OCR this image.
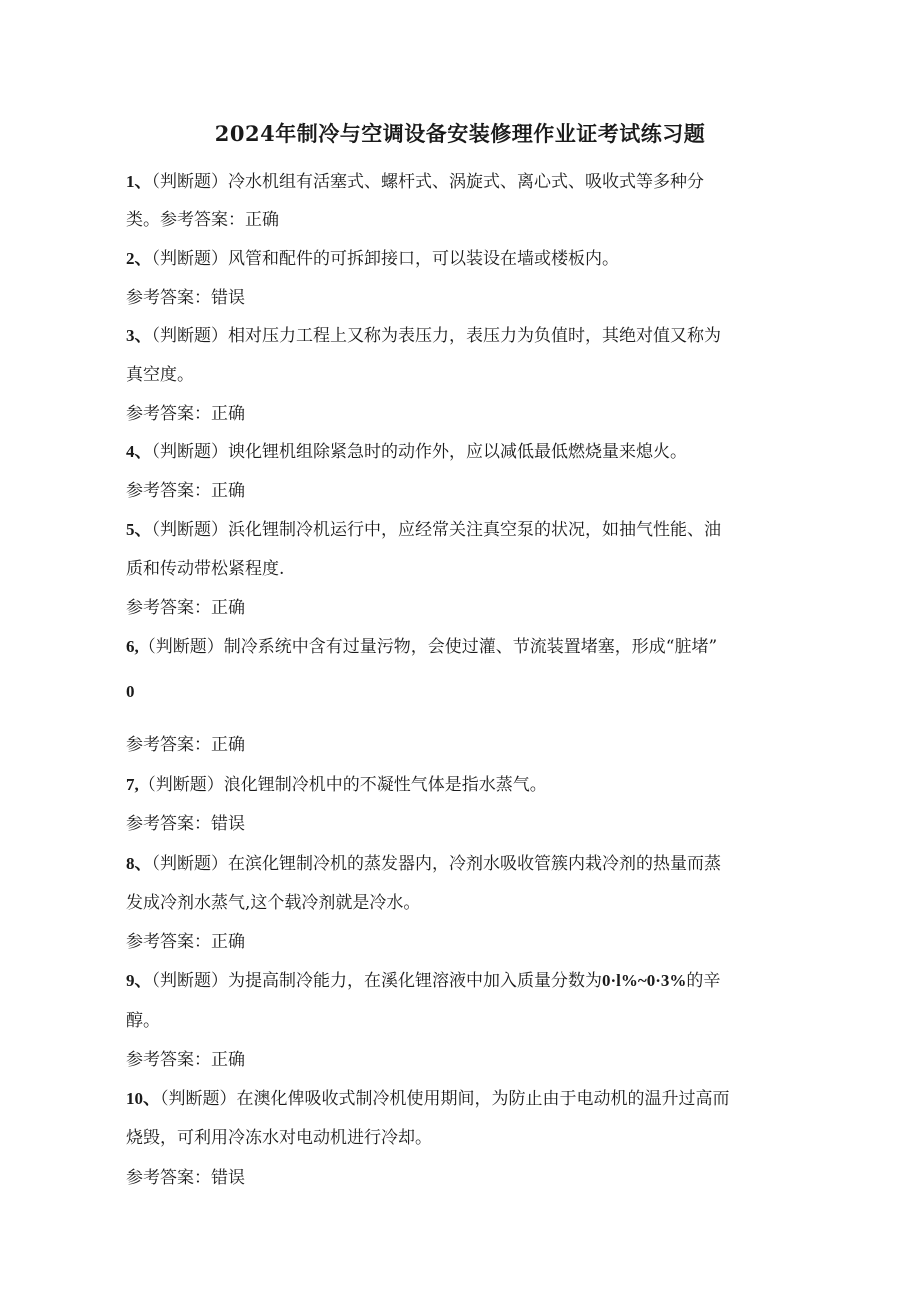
2024年制冷与空调设备安装修理作业证考试练习题
1、（判断题）冷水机组有活塞式、螺杆式、涡旋式、离心式、吸收式等多种分
类。参考答案：正确
2、（判断题）风管和配件的可拆卸接口，可以装设在墙或楼板内。
参考答案：错误
3、（判断题）相对压力工程上又称为表压力，表压力为负值时，其绝对值又称为
真空度。
参考答案：正确
4、（判断题）谀化锂机组除紧急时的动作外，应以减低最低燃烧量来熄火。
参考答案：正确
5、（判断题）浜化锂制冷机运行中，应经常关注真空泵的状况，如抽气性能、油
质和传动带松紧程度.
参考答案：正确
6,（判断题）制冷系统中含有过量污物，会使过灌、节流装置堵塞，形成“脏堵”
0
参考答案：正确
7,（判断题）浪化锂制冷机中的不凝性气体是指水蒸气。
参考答案：错误
8、（判断题）在滨化锂制冷机的蒸发器内，冷剂水吸收管簇内栽冷剂的热量而蒸
发成冷剂水蒸气,这个载冷剂就是冷水。
参考答案：正确
9、（判断题）为提高制冷能力，在溪化锂溶液中加入质量分数为0·l%~0·3%的辛
醇。
参考答案：正确
10、（判断题）在澳化俾吸收式制冷机使用期间，为防止由于电动机的温升过高而
烧毁，可利用冷冻水对电动机进行冷却。
参考答案：错误
